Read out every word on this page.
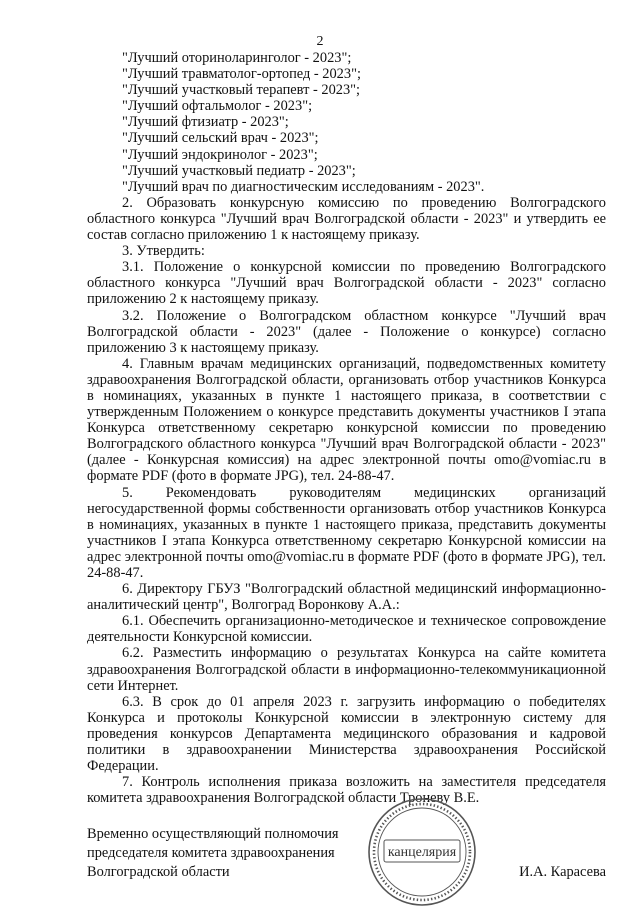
2

"Лучший оториноларинголог - 2023";

"Лучший травматолог-ортопед - 2023";

"Лучший участковый терапевт - 2023";

"Лучший офтальмолог - 2023";

"Лучший фтизиатр - 2023";

"Лучший сельский врач - 2023";

"Лучший эндокринолог - 2023";

"Лучший участковый педиатр - 2023";

"Лучший врач по диагностическим исследованиям - 2023".

2. Образовать конкурсную комиссию по проведению Волгоградского областного конкурса "Лучший врач Волгоградской области - 2023" и утвердить ее состав согласно приложению 1 к настоящему приказу.

3. Утвердить:

3.1. Положение о конкурсной комиссии по проведению Волгоградского областного конкурса "Лучший врач Волгоградской области - 2023" согласно приложению 2 к настоящему приказу.

3.2. Положение о Волгоградском областном конкурсе "Лучший врач Волгоградской области - 2023" (далее - Положение о конкурсе) согласно приложению 3 к настоящему приказу.

4. Главным врачам медицинских организаций, подведомственных комитету здравоохранения Волгоградской области, организовать отбор участников Конкурса в номинациях, указанных в пункте 1 настоящего приказа, в соответствии с утвержденным Положением о конкурсе представить документы участников I этапа Конкурса ответственному секретарю конкурсной комиссии по проведению Волгоградского областного конкурса "Лучший врач Волгоградской области - 2023" (далее - Конкурсная комиссия) на адрес электронной почты omo@vomiac.ru в формате PDF (фото в формате JPG), тел. 24-88-47.

5. Рекомендовать руководителям медицинских организаций негосударственной формы собственности организовать отбор участников Конкурса в номинациях, указанных в пункте 1 настоящего приказа, представить документы участников I этапа Конкурса ответственному секретарю Конкурсной комиссии на адрес электронной почты omo@vomiac.ru в формате PDF (фото в формате JPG), тел. 24-88-47.

6. Директору ГБУЗ "Волгоградский областной медицинский информационно-аналитический центр", Волгоград Воронкову А.А.:

6.1. Обеспечить организационно-методическое и техническое сопровождение деятельности Конкурсной комиссии.

6.2. Разместить информацию о результатах Конкурса на сайте комитета здравоохранения Волгоградской области в информационно-телекоммуникационной сети Интернет.

6.3. В срок до 01 апреля 2023 г. загрузить информацию о победителях Конкурса и протоколы Конкурсной комиссии в электронную систему для проведения конкурсов Департамента медицинского образования и кадровой политики в здравоохранении Министерства здравоохранения Российской Федерации.

7. Контроль исполнения приказа возложить на заместителя председателя комитета здравоохранения Волгоградской области Троневу В.Е.

Временно осуществляющий полномочия
председателя комитета здравоохранения
Волгоградской области
канцелярия
И.А. Карасева
